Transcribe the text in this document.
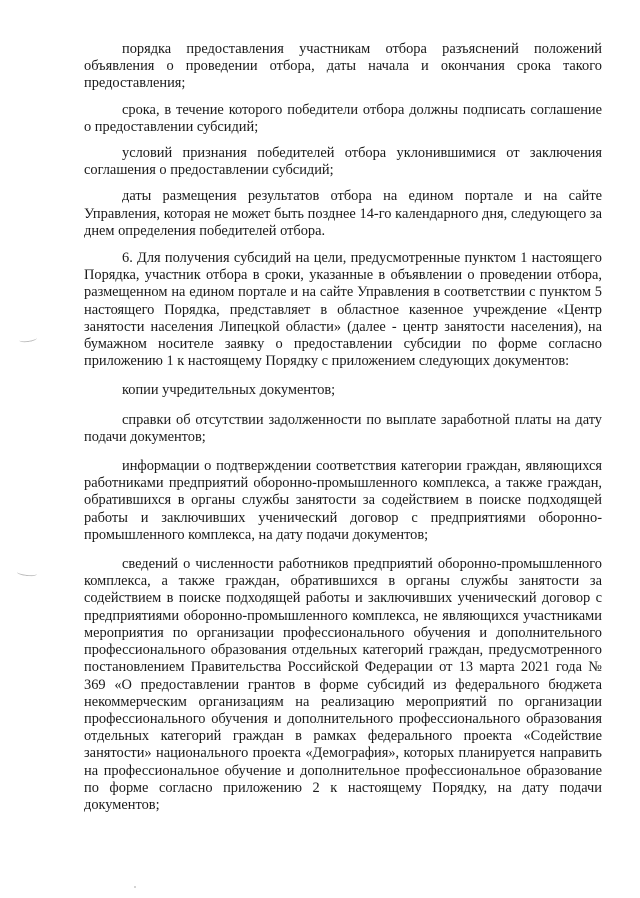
порядка предоставления участникам отбора разъяснений положений объявления о проведении отбора, даты начала и окончания срока такого предоставления;

срока, в течение которого победители отбора должны подписать соглашение о предоставлении субсидий;

условий признания победителей отбора уклонившимися от заключения соглашения о предоставлении субсидий;

даты размещения результатов отбора на едином портале и на сайте Управления, которая не может быть позднее 14-го календарного дня, следующего за днем определения победителей отбора.

6. Для получения субсидий на цели, предусмотренные пунктом 1 настоящего Порядка, участник отбора в сроки, указанные в объявлении о проведении отбора, размещенном на едином портале и на сайте Управления в соответствии с пунктом 5 настоящего Порядка, представляет в областное казенное учреждение «Центр занятости населения Липецкой области» (далее - центр занятости населения), на бумажном носителе заявку о предоставлении субсидии по форме согласно приложению 1 к настоящему Порядку с приложением следующих документов:

копии учредительных документов;

справки об отсутствии задолженности по выплате заработной платы на дату подачи документов;

информации о подтверждении соответствия категории граждан, являющихся работниками предприятий оборонно-промышленного комплекса, а также граждан, обратившихся в органы службы занятости за содействием в поиске подходящей работы и заключивших ученический договор с предприятиями оборонно-промышленного комплекса, на дату подачи документов;

сведений о численности работников предприятий оборонно-промышленного комплекса, а также граждан, обратившихся в органы службы занятости за содействием в поиске подходящей работы и заключивших ученический договор с предприятиями оборонно-промышленного комплекса, не являющихся участниками мероприятия по организации профессионального обучения и дополнительного профессионального образования отдельных категорий граждан, предусмотренного постановлением Правительства Российской Федерации от 13 марта 2021 года № 369 «О предоставлении грантов в форме субсидий из федерального бюджета некоммерческим организациям на реализацию мероприятий по организации профессионального обучения и дополнительного профессионального образования отдельных категорий граждан в рамках федерального проекта «Содействие занятости» национального проекта «Демография», которых планируется направить на профессиональное обучение и дополнительное профессиональное образование по форме согласно приложению 2 к настоящему Порядку, на дату подачи документов;
